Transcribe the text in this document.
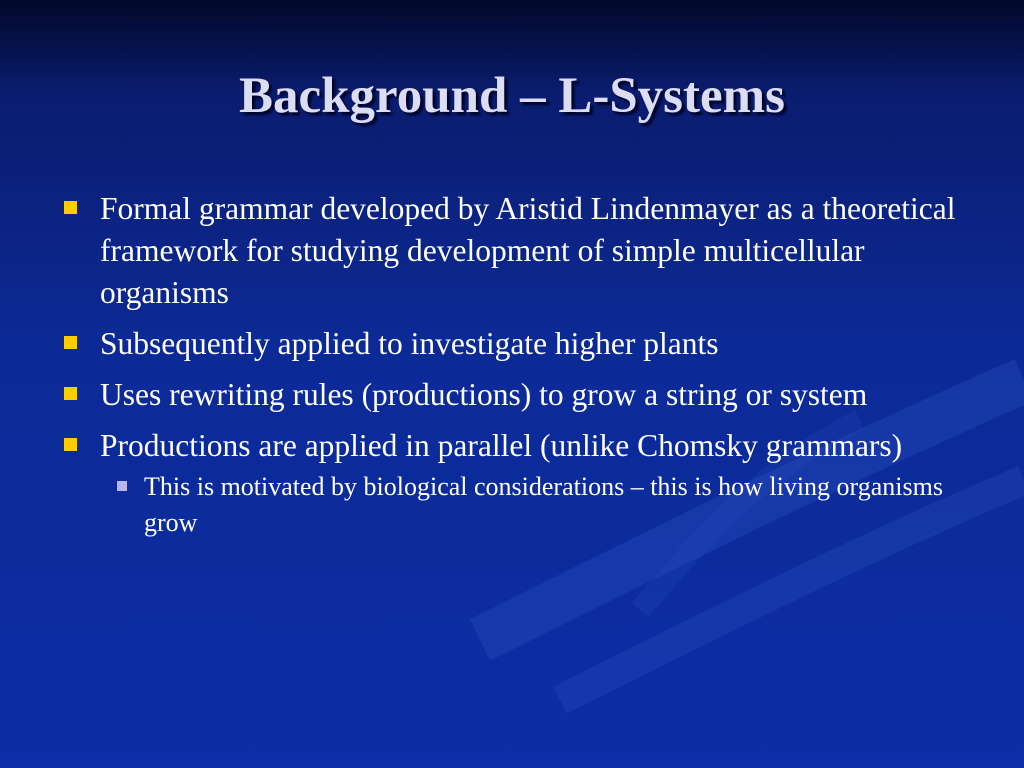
Background – L-Systems
Formal grammar developed by Aristid Lindenmayer as a theoretical framework for studying development of simple multicellular organisms
Subsequently applied to investigate higher plants
Uses rewriting rules (productions) to grow a string or system
Productions are applied in parallel (unlike Chomsky grammars)
This is motivated by biological considerations – this is how living organisms grow
